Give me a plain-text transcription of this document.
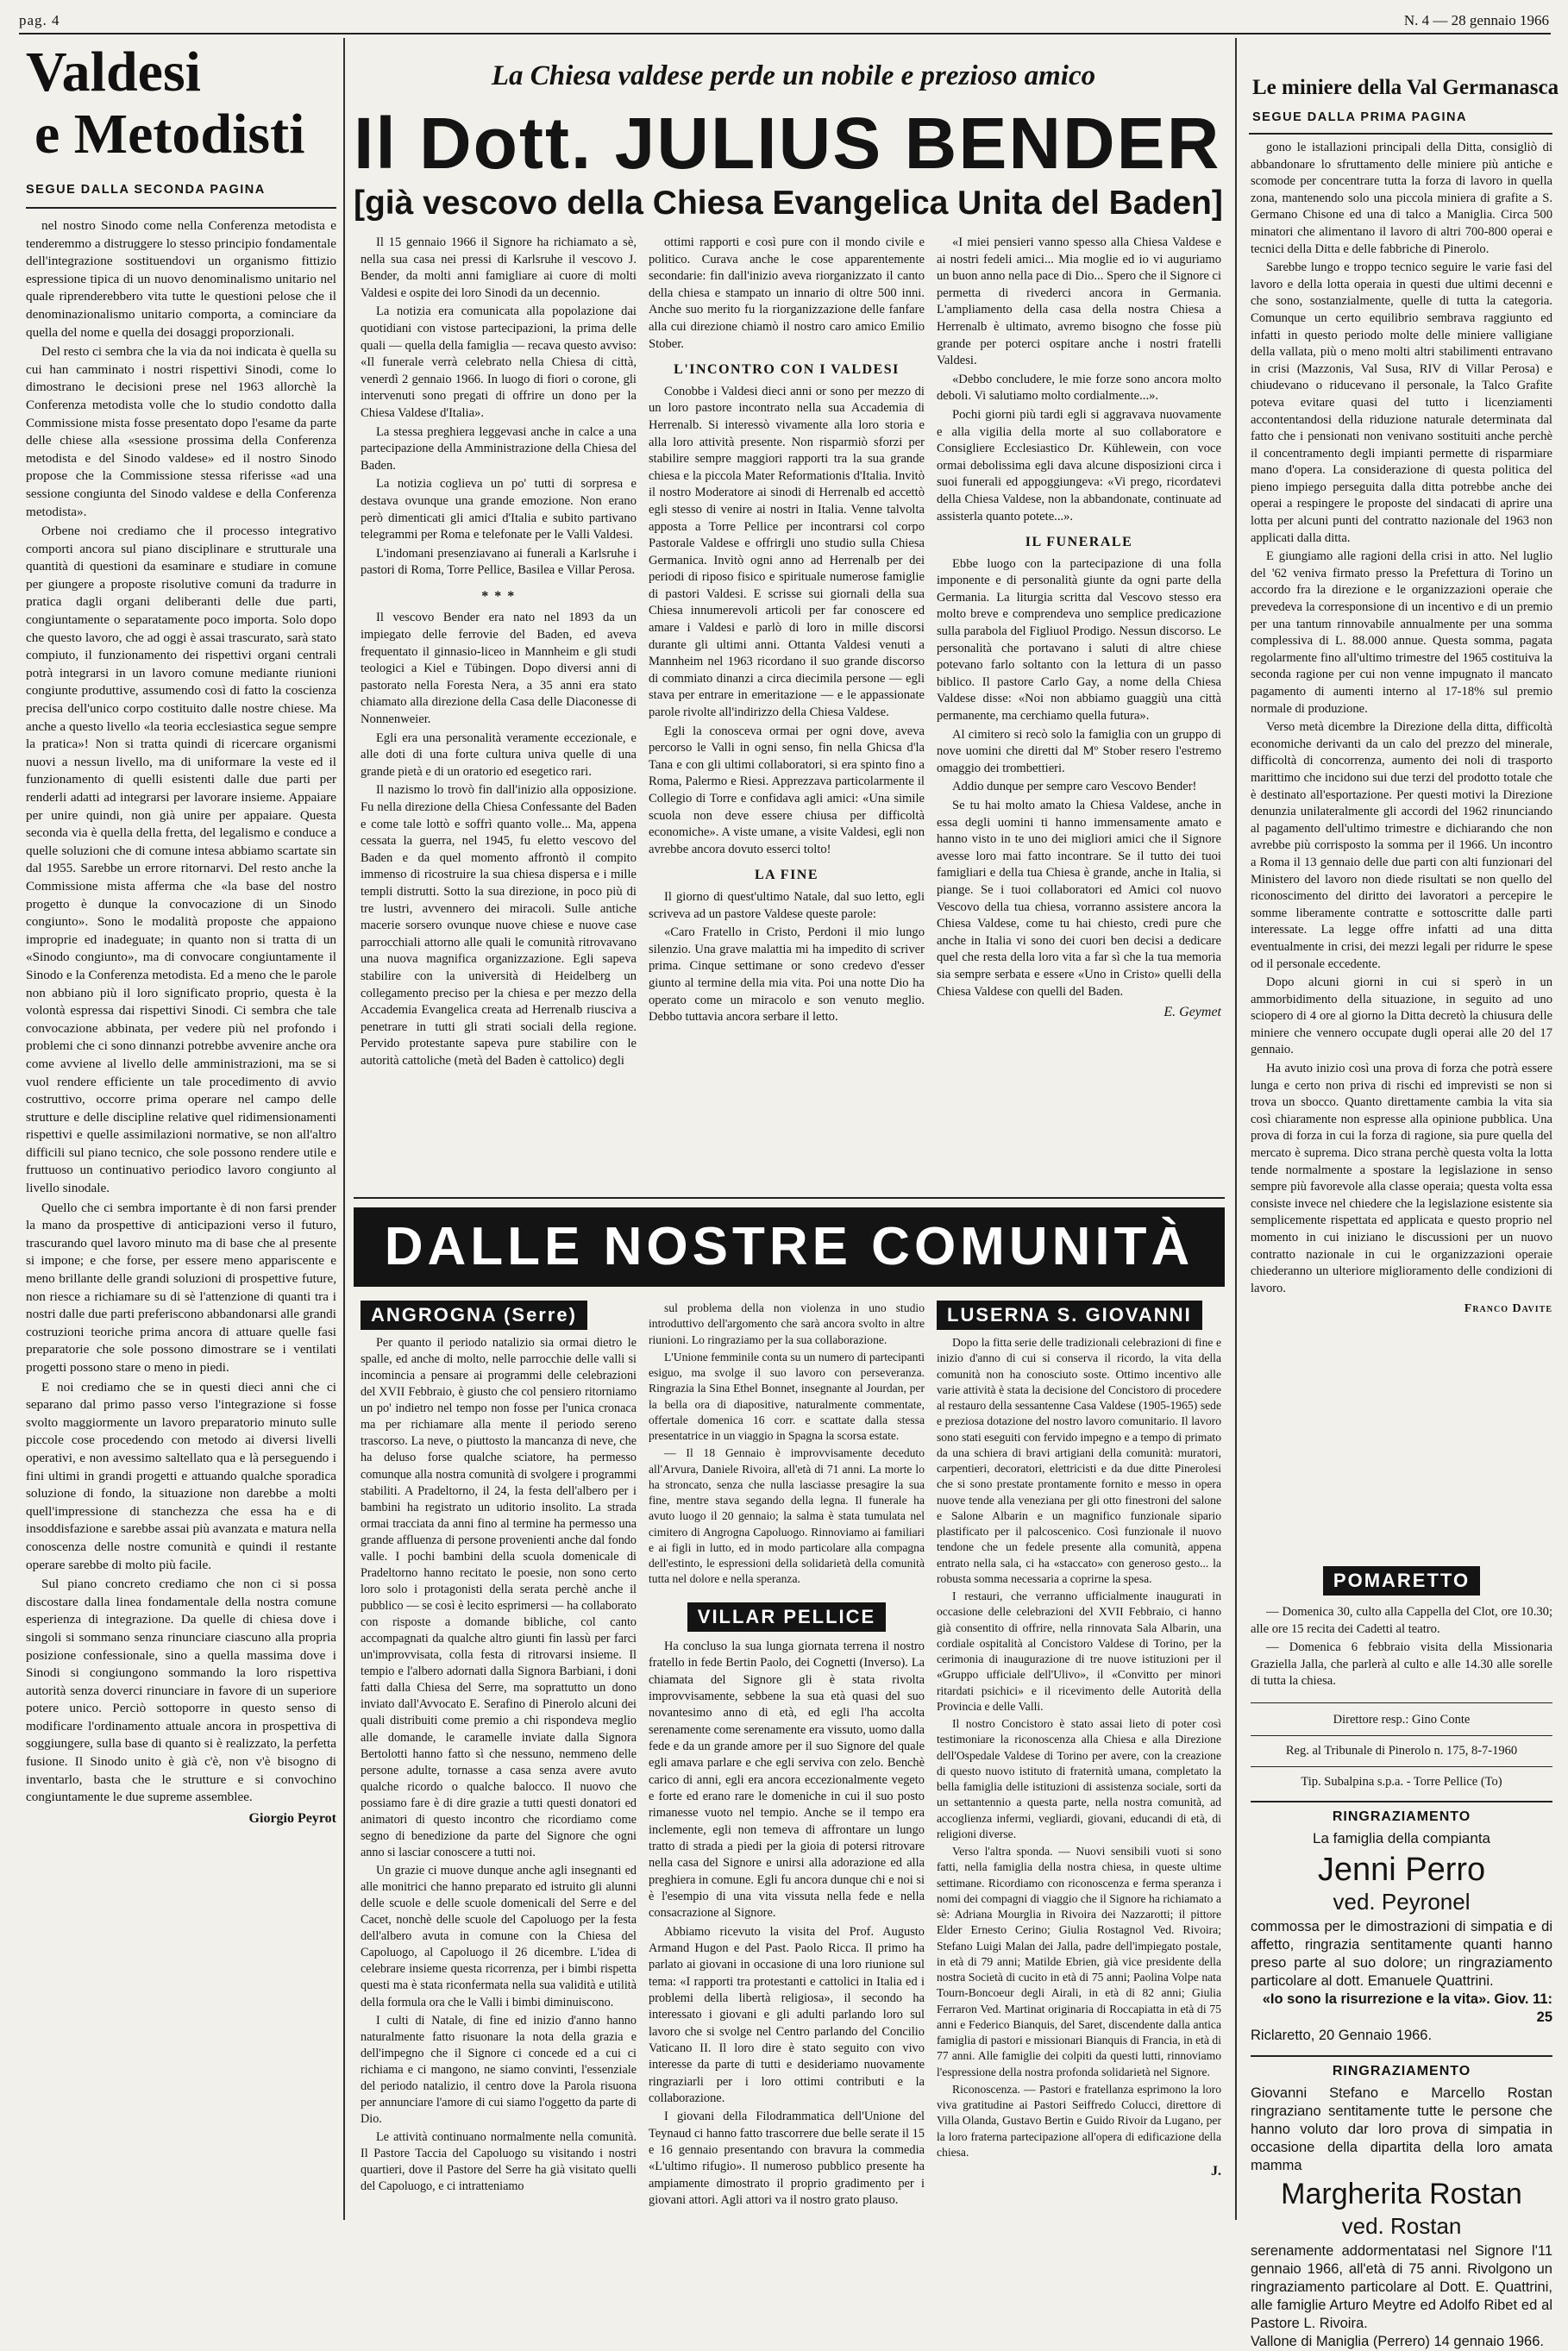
pag. 4	N. 4 — 28 gennaio 1966
Valdesi
e Metodisti
SEGUE DALLA SECONDA PAGINA

nel nostro Sinodo come nella Conferenza metodista e tenderemmo a distruggere lo stesso principio fondamentale dell'integrazione sostituendovi un organismo fittizio espressione tipica di un nuovo denominalismo unitario nel quale riprenderebbero vita tutte le questioni pelose che il denominazionalismo unitario comporta, a cominciare da quella del nome e quella dei dosaggi proporzionali.

Del resto ci sembra che la via da noi indicata è quella su cui han camminato i nostri rispettivi Sinodi, come lo dimostrano le decisioni prese nel 1963 allorchè la Conferenza metodista volle che lo studio condotto dalla Commissione mista fosse presentato dopo l'esame da parte delle chiese alla «sessione prossima della Conferenza metodista e del Sinodo valdese» ed il nostro Sinodo propose che la Commissione stessa riferisse «ad una sessione congiunta del Sinodo valdese e della Conferenza metodista».

Orbene noi crediamo che il processo integrativo comporti ancora sul piano disciplinare e strutturale una quantità di questioni da esaminare e studiare in comune per giungere a proposte risolutive comuni da tradurre in pratica dagli organi deliberanti delle due parti, congiuntamente o separatamente poco importa. Solo dopo che questo lavoro, che ad oggi è assai trascurato, sarà stato compiuto, il funzionamento dei rispettivi organi centrali potrà integrarsi in un lavoro comune mediante riunioni congiunte produttive, assumendo così di fatto la coscienza precisa dell'unico corpo costituito dalle nostre chiese. Ma anche a questo livello «la teoria ecclesiastica segue sempre la pratica»! Non si tratta quindi di ricercare organismi nuovi a nessun livello, ma di uniformare la veste ed il funzionamento di quelli esistenti dalle due parti per renderli adatti ad integrarsi per lavorare insieme. Appaiare per unire quindi, non già unire per appaiare. Questa seconda via è quella della fretta, del legalismo e conduce a quelle soluzioni che di comune intesa abbiamo scartate sin dal 1955. Sarebbe un errore ritornarvi. Del resto anche la Commissione mista afferma che «la base del nostro progetto è dunque la convocazione di un Sinodo congiunto». Sono le modalità proposte che appaiono improprie ed inadeguate; in quanto non si tratta di un «Sinodo congiunto», ma di convocare congiuntamente il Sinodo e la Conferenza metodista. Ed a meno che le parole non abbiano più il loro significato proprio, questa è la volontà espressa dai rispettivi Sinodi. Ci sembra che tale convocazione abbinata, per vedere più nel profondo i problemi che ci sono dinnanzi potrebbe avvenire anche ora come avviene al livello delle amministrazioni, ma se si vuol rendere efficiente un tale procedimento di avvio costruttivo, occorre prima operare nel campo delle strutture e delle discipline relative quel ridimensionamenti rispettivi e quelle assimilazioni normative, se non all'altro difficili sul piano tecnico, che sole possono rendere utile e fruttuoso un continuativo periodico lavoro congiunto al livello sinodale.

Quello che ci sembra importante è di non farsi prender la mano da prospettive di anticipazioni verso il futuro, trascurando quel lavoro minuto ma di base che al presente si impone; e che forse, per essere meno appariscente e meno brillante delle grandi soluzioni di prospettive future, non riesce a richiamare su di sè l'attenzione di quanti tra i nostri dalle due parti preferiscono abbandonarsi alle grandi costruzioni teoriche prima ancora di attuare quelle fasi preparatorie che sole possono dimostrare se i ventilati progetti possono stare o meno in piedi.

E noi crediamo che se in questi dieci anni che ci separano dal primo passo verso l'integrazione si fosse svolto maggiormente un lavoro preparatorio minuto sulle piccole cose procedendo con metodo ai diversi livelli operativi, e non avessimo saltellato qua e là perseguendo i fini ultimi in grandi progetti e attuando qualche sporadica soluzione di fondo, la situazione non darebbe a molti quell'impressione di stanchezza che essa ha e di insoddisfazione e sarebbe assai più avanzata e matura nella conoscenza delle nostre comunità e quindi il restante operare sarebbe di molto più facile.

Sul piano concreto crediamo che non ci si possa discostare dalla linea fondamentale della nostra comune esperienza di integrazione. Da quelle di chiesa dove i singoli si sommano senza rinunciare ciascuno alla propria posizione confessionale, sino a quella massima dove i Sinodi si congiungono sommando la loro rispettiva autorità senza doverci rinunciare in favore di un superiore potere unico. Perciò sottoporre in questo senso di modificare l'ordinamento attuale ancora in prospettiva di soggiungere, sulla base di quanto si è realizzato, la perfetta fusione. Il Sinodo unito è già c'è, non v'è bisogno di inventarlo, basta che le strutture e si convochino congiuntamente le due supreme assemblee.

Giorgio Peyrot
La Chiesa valdese perde un nobile e prezioso amico
Il Dott. JULIUS BENDER
[già vescovo della Chiesa Evangelica Unita del Baden]

Il 15 gennaio 1966 il Signore ha richiamato a sè, nella sua casa nei pressi di Karlsruhe il vescovo J. Bender, da molti anni famigliare ai cuore di molti Valdesi e ospite dei loro Sinodi da un decennio.

La notizia era comunicata alla popolazione dai quotidiani con vistose partecipazioni, la prima delle quali — quella della famiglia — recava questo avviso: «Il funerale verrà celebrato nella Chiesa di città, venerdì 2 gennaio 1966. In luogo di fiori o corone, gli intervenuti sono pregati di offrire un dono per la Chiesa Valdese d'Italia».

La stessa preghiera leggevasi anche in calce a una partecipazione della Amministrazione della Chiesa del Baden.

La notizia coglieva un po' tutti di sorpresa e destava ovunque una grande emozione. Non erano però dimenticati gli amici d'Italia e subito partivano telegrammi per Roma e telefonate per le Valli Valdesi.

L'indomani presenziavano ai funerali a Karlsruhe i pastori di Roma, Torre Pellice, Basilea e Villar Perosa.

* * *

Il vescovo Bender era nato nel 1893 da un impiegato delle ferrovie del Baden, ed aveva frequentato il ginnasio-liceo in Mannheim e gli studi teologici a Kiel e Tübingen. Dopo diversi anni di pastorato nella Foresta Nera, a 35 anni era stato chiamato alla direzione della Casa delle Diaconesse di Nonnenweier.

Egli era una personalità veramente eccezionale, e alle doti di una forte cultura univa quelle di una grande pietà e di un oratorio ed esegetico rari.

Il nazismo lo trovò fin dall'inizio alla opposizione. Fu nella direzione della Chiesa Confessante del Baden e come tale lottò e soffrì quanto volle... Ma, appena cessata la guerra, nel 1945, fu eletto vescovo del Baden e da quel momento affrontò il compito immenso di ricostruire la sua chiesa dispersa e i mille templi distrutti. Sotto la sua direzione, in poco più di tre lustri, avvennero dei miracoli. Sulle antiche macerie sorsero ovunque nuove chiese e nuove case parrocchiali attorno alle quali le comunità ritrovavano una nuova magnifica organizzazione. Egli sapeva stabilire con la università di Heidelberg un collegamento preciso per la chiesa e per mezzo della Accademia Evangelica creata ad Herrenalb riusciva a penetrare in tutti gli strati sociali della regione. Pervido protestante sapeva pure stabilire con le autorità cattoliche (metà del Baden è cattolico) degli

ottimi rapporti e così pure con il mondo civile e politico. Curava anche le cose apparentemente secondarie: fin dall'inizio aveva riorganizzato il canto della chiesa e stampato un innario di oltre 500 inni. Anche suo merito fu la riorganizzazione delle fanfare alla cui direzione chiamò il nostro caro amico Emilio Stober.

L'INCONTRO CON I VALDESI

Conobbe i Valdesi dieci anni or sono per mezzo di un loro pastore incontrato nella sua Accademia di Herrenalb. Si interessò vivamente alla loro storia e alla loro attività presente. Non risparmiò sforzi per stabilire sempre maggiori rapporti tra la sua grande chiesa e la piccola Mater Reformationis d'Italia. Invitò il nostro Moderatore ai sinodi di Herrenalb ed accettò egli stesso di venire ai nostri in Italia. Venne talvolta apposta a Torre Pellice per incontrarsi col corpo Pastorale Valdese e offrirgli uno studio sulla Chiesa Germanica. Invitò ogni anno ad Herrenalb per dei periodi di riposo fisico e spirituale numerose famiglie di pastori Valdesi. E scrisse sui giornali della sua Chiesa innumerevoli articoli per far conoscere ed amare i Valdesi e parlò di loro in mille discorsi durante gli ultimi anni. Ottanta Valdesi venuti a Mannheim nel 1963 ricordano il suo grande discorso di commiato dinanzi a circa diecimila persone — egli stava per entrare in emeritazione — e le appassionate parole rivolte all'indirizzo della Chiesa Valdese.

Egli la conosceva ormai per ogni dove, aveva percorso le Valli in ogni senso, fin nella Ghicsa d'la Tana e con gli ultimi collaboratori, si era spinto fino a Roma, Palermo e Riesi. Apprezzava particolarmente il Collegio di Torre e confidava agli amici: «Una simile scuola non deve essere chiusa per difficoltà economiche». A viste umane, a visite Valdesi, egli non avrebbe ancora dovuto esserci tolto!

LA FINE

Il giorno di quest'ultimo Natale, dal suo letto, egli scriveva ad un pastore Valdese queste parole:

«Caro Fratello in Cristo, Perdoni il mio lungo silenzio. Una grave malattia mi ha impedito di scriver prima. Cinque settimane or sono credevo d'esser giunto al termine della mia vita. Poi una notte Dio ha operato come un miracolo e son venuto meglio. Debbo tuttavia ancora serbare il letto.

«I miei pensieri vanno spesso alla Chiesa Valdese e ai nostri fedeli amici... Mia moglie ed io vi auguriamo un buon anno nella pace di Dio... Spero che il Signore ci permetta di rivederci ancora in Germania. L'ampliamento della casa della nostra Chiesa a Herrenalb è ultimato, avremo bisogno che fosse più grande per poterci ospitare anche i nostri fratelli Valdesi.

«Debbo concludere, le mie forze sono ancora molto deboli. Vi salutiamo molto cordialmente...».

Pochi giorni più tardi egli si aggravava nuovamente e alla vigilia della morte al suo collaboratore e Consigliere Ecclesiastico Dr. Kühlewein, con voce ormai debolissima egli dava alcune disposizioni circa i suoi funerali ed appoggiungeva: «Vi prego, ricordatevi della Chiesa Valdese, non la abbandonate, continuate ad assisterla quanto potete...».

IL FUNERALE

Ebbe luogo con la partecipazione di una folla imponente e di personalità giunte da ogni parte della Germania. La liturgia scritta dal Vescovo stesso era molto breve e comprendeva uno semplice predicazione sulla parabola del Figliuol Prodigo. Nessun discorso. Le personalità che portavano i saluti di altre chiese potevano farlo soltanto con la lettura di un passo biblico. Il pastore Carlo Gay, a nome della Chiesa Valdese disse: «Noi non abbiamo guaggiù una città permanente, ma cerchiamo quella futura».

Al cimitero si recò solo la famiglia con un gruppo di nove uomini che diretti dal Mº Stober resero l'estremo omaggio dei trombettieri.

Addio dunque per sempre caro Vescovo Bender!

Se tu hai molto amato la Chiesa Valdese, anche in essa degli uomini ti hanno immensamente amato e hanno visto in te uno dei migliori amici che il Signore avesse loro mai fatto incontrare. Se il tutto dei tuoi famigliari e della tua Chiesa è grande, anche in Italia, si piange. Se i tuoi collaboratori ed Amici col nuovo Vescovo della tua chiesa, vorranno assistere ancora la Chiesa Valdese, come tu hai chiesto, credi pure che anche in Italia vi sono dei cuori ben decisi a dedicare quel che resta della loro vita a far sì che la tua memoria sia sempre serbata e essere «Uno in Cristo» quelli della Chiesa Valdese con quelli del Baden.

E. Geymet
Le miniere della Val Germanasca
SEGUE DALLA PRIMA PAGINA

gono le istallazioni principali della Ditta, consigliò di abbandonare lo sfruttamento delle miniere più antiche e scomode per concentrare tutta la forza di lavoro in quella zona, mantenendo solo una piccola miniera di grafite a S. Germano Chisone ed una di talco a Maniglia. Circa 500 minatori che alimentano il lavoro di altri 700-800 operai e tecnici della Ditta e delle fabbriche di Pinerolo.

Sarebbe lungo e troppo tecnico seguire le varie fasi del lavoro e della lotta operaia in questi due ultimi decenni e che sono, sostanzialmente, quelle di tutta la categoria. Comunque un certo equilibrio sembrava raggiunto ed infatti in questo periodo molte delle miniere valligiane della vallata, più o meno molti altri stabilimenti entravano in crisi (Mazzonis, Val Susa, RIV di Villar Perosa) e chiudevano o riducevano il personale, la Talco Grafite poteva evitare quasi del tutto i licenziamenti accontentandosi della riduzione naturale determinata dal fatto che i pensionati non venivano sostituiti anche perchè il concentramento degli impianti permette di risparmiare mano d'opera. La considerazione di questa politica del pieno impiego perseguita dalla ditta potrebbe anche dei operai a respingere le proposte del sindacati di aprire una lotta per alcuni punti del contratto nazionale del 1963 non applicati dalla ditta.

E giungiamo alle ragioni della crisi in atto. Nel luglio del '62 veniva firmato presso la Prefettura di Torino un accordo fra la direzione e le organizzazioni operaie che prevedeva la corresponsione di un incentivo e di un premio per una tantum rinnovabile annualmente per una somma complessiva di L. 88.000 annue. Questa somma, pagata regolarmente fino all'ultimo trimestre del 1965 costituiva la seconda ragione per cui non venne impugnato il mancato pagamento di aumenti interno al 17-18% sul premio normale di produzione.

Verso metà dicembre la Direzione della ditta, difficoltà economiche derivanti da un calo del prezzo del minerale, difficoltà di concorrenza, aumento dei noli di trasporto marittimo che incidono sui due terzi del prodotto totale che è destinato all'esportazione. Per questi motivi la Direzione denunzia unilateralmente gli accordi del 1962 rinunciando al pagamento dell'ultimo trimestre e dichiarando che non avrebbe più corrisposto la somma per il 1966. Un incontro a Roma il 13 gennaio delle due parti con alti funzionari del Ministero del lavoro non diede risultati se non quello del riconoscimento del diritto dei lavoratori a percepire le somme liberamente contratte e sottoscritte dalle parti interessate. La legge offre infatti ad una ditta eventualmente in crisi, dei mezzi legali per ridurre le spese od il personale eccedente.

Dopo alcuni giorni in cui si sperò in un ammorbidimento della situazione, in seguito ad uno sciopero di 4 ore al giorno la Ditta decretò la chiusura delle miniere che vennero occupate dugli operai alle 20 del 17 gennaio.

Ha avuto inizio così una prova di forza che potrà essere lunga e certo non priva di rischi ed imprevisti se non si trova un sbocco. Quanto direttamente cambia la vita sia così chiaramente non espresse alla opinione pubblica. Una prova di forza in cui la forza di ragione, sia pure quella del mercato è suprema. Dico strana perchè questa volta la lotta tende normalmente a spostare la legislazione in senso sempre più favorevole alla classe operaia; questa volta essa consiste invece nel chiedere che la legislazione esistente sia semplicemente rispettata ed applicata e questo proprio nel momento in cui iniziano le discussioni per un nuovo contratto nazionale in cui le organizzazioni operaie chiederanno un ulteriore miglioramento delle condizioni di lavoro.

Franco Davite
POMARETTO

— Domenica 30, culto alla Cappella del Clot, ore 10.30; alle ore 15 recita dei Cadetti al teatro.

— Domenica 6 febbraio visita della Missionaria Graziella Jalla, che parlerà al culto e alle 14.30 alle sorelle di tutta la chiesa.

Direttore resp.: Gino Conte
Reg. al Tribunale di Pinerolo n. 175, 8-7-1960
Tip. Subalpina s.p.a. - Torre Pellice (To)
RINGRAZIAMENTO
La famiglia della compianta
Jenni Perro
ved. Peyronel
commossa per le dimostrazioni di simpatia e di affetto, ringrazia sentitamente quanti hanno preso parte al suo dolore; un ringraziamento particolare al dott. Emanuele Quattrini.
«Io sono la risurrezione e la vita». Giov. 11: 25
Riclaretto, 20 Gennaio 1966.
RINGRAZIAMENTO
Giovanni Stefano e Marcello Rostan ringraziano sentitamente tutte le persone che hanno voluto dar loro prova di simpatia in occasione della dipartita della loro amata mamma
Margherita Rostan
ved. Rostan
serenamente addormentatasi nel Signore l'11 gennaio 1966, all'età di 75 anni. Rivolgono un ringraziamento particolare al Dott. E. Quattrini, alle famiglie Arturo Meytre ed Adolfo Ribet ed al Pastore L. Rivoira.
Vallone di Maniglia (Perrero) 14 gennaio 1966.
DALLE NOSTRE COMUNITÀ
ANGROGNA (Serre)

Per quanto il periodo natalizio sia ormai dietro le spalle, ed anche di molto, nelle parrocchie delle valli si incomincia a pensare ai programmi delle celebrazioni del XVII Febbraio, è giusto che col pensiero ritorniamo un po' indietro nel tempo non fosse per l'unica cronaca ma per richiamare alla mente il periodo sereno trascorso. La neve, o piuttosto la mancanza di neve, che ha deluso forse qualche sciatore, ha permesso comunque alla nostra comunità di svolgere i programmi stabiliti. A Pradeltorno, il 24, la festa dell'albero per i bambini ha registrato un uditorio insolito. La strada ormai tracciata da anni fino al termine ha permesso una grande affluenza di persone provenienti anche dal fondo valle. I pochi bambini della scuola domenicale di Pradeltorno hanno recitato le poesie, non sono certo loro solo i protagonisti della serata perchè anche il pubblico — se così è lecito esprimersi — ha collaborato con risposte a domande bibliche, col canto accompagnati da qualche altro giunti fin lassù per farci un'improvvisata, colla festa di ritrovarsi insieme. Il tempio e l'albero adornati dalla Signora Barbiani, i doni fatti dalla Chiesa del Serre, ma soprattutto un dono inviato dall'Avvocato E. Serafino di Pinerolo alcuni dei quali distribuiti come premio a chi rispondeva meglio alle domande, le caramelle inviate dalla Signora Bertolotti hanno fatto sì che nessuno, nemmeno delle persone adulte, tornasse a casa senza avere avuto qualche ricordo o qualche balocco. Il nuovo che possiamo fare è di dire grazie a tutti questi donatori ed animatori di questo incontro che ricordiamo come segno di benedizione da parte del Signore che ogni anno si lasciar conoscere a tutti noi.

Un grazie ci muove dunque anche agli insegnanti ed alle monitrici che hanno preparato ed istruito gli alunni delle scuole e delle scuole domenicali del Serre e del Cacet, nonchè delle scuole del Capoluogo per la festa dell'albero avuta in comune con la Chiesa del Capoluogo, al Capoluogo il 26 dicembre. L'idea di celebrare insieme questa ricorrenza, per i bimbi rispetta questi ma è stata riconfermata nella sua validità e utilità della formula ora che le Valli i bimbi diminuiscono.

I culti di Natale, di fine ed inizio d'anno hanno naturalmente fatto risuonare la nota della grazia e dell'impegno che il Signore ci concede ed a cui ci richiama e ci mangono, ne siamo convinti, l'essenziale del periodo natalizio, il centro dove la Parola risuona per annunciare l'amore di cui siamo l'oggetto da parte di Dio.

Le attività continuano normalmente nella comunità. Il Pastore Taccia del Capoluogo su visitando i nostri quartieri, dove il Pastore del Serre ha già visitato quelli del Capoluogo, e ci intratteniamo

sul problema della non violenza in uno studio introduttivo dell'argomento che sarà ancora svolto in altre riunioni. Lo ringraziamo per la sua collaborazione.

L'Unione femminile conta su un numero di partecipanti esiguo, ma svolge il suo lavoro con perseveranza. Ringrazia la Sina Ethel Bonnet, insegnante al Jourdan, per la bella ora di diapositive, naturalmente commentate, offertale domenica 16 corr. e scattate dalla stessa presentatrice in un viaggio in Spagna la scorsa estate.

— Il 18 Gennaio è improvvisamente deceduto all'Arvura, Daniele Rivoira, all'età di 71 anni. La morte lo ha stroncato, senza che nulla lasciasse presagire la sua fine, mentre stava segando della legna. Il funerale ha avuto luogo il 20 gennaio; la salma è stata tumulata nel cimitero di Angrogna Capoluogo. Rinnoviamo ai familiari e ai figli in lutto, ed in modo particolare alla compagna dell'estinto, le espressioni della solidarietà della comunità tutta nel dolore e nella speranza.

VILLAR PELLICE

Ha concluso la sua lunga giornata terrena il nostro fratello in fede Bertin Paolo, dei Cognetti (Inverso). La chiamata del Signore gli è stata rivolta improvvisamente, sebbene la sua età quasi del suo novantesimo anno di età, ed egli l'ha accolta serenamente come serenamente era vissuto, uomo dalla fede e da un grande amore per il suo Signore del quale egli amava parlare e che egli serviva con zelo. Benchè carico di anni, egli era ancora eccezionalmente vegeto e forte ed erano rare le domeniche in cui il suo posto rimanesse vuoto nel tempio. Anche se il tempo era inclemente, egli non temeva di affrontare un lungo tratto di strada a piedi per la gioia di potersi ritrovare nella casa del Signore e unirsi alla adorazione ed alla preghiera in comune. Egli fu ancora dunque chi e noi si è l'esempio di una vita vissuta nella fede e nella consacrazione al Signore.

Abbiamo ricevuto la visita del Prof. Augusto Armand Hugon e del Past. Paolo Ricca. Il primo ha parlato ai giovani in occasione di una loro riunione sul tema: «I rapporti tra protestanti e cattolici in Italia ed i problemi della libertà religiosa», il secondo ha interessato i giovani e gli adulti parlando loro sul lavoro che si svolge nel Centro parlando del Concilio Vaticano II. Il loro dire è stato seguito con vivo interesse da parte di tutti e desideriamo nuovamente ringraziarli per i loro ottimi contributi e la collaborazione.

I giovani della Filodrammatica dell'Unione del Teynaud ci hanno fatto trascorrere due belle serate il 15 e 16 gennaio presentando con bravura la commedia «L'ultimo rifugio». Il numeroso pubblico presente ha ampiamente dimostrato il proprio gradimento per i giovani attori. Agli attori va il nostro grato plauso.

LUSERNA S. GIOVANNI

Dopo la fitta serie delle tradizionali celebrazioni di fine e inizio d'anno di cui si conserva il ricordo, la vita della comunità non ha conosciuto soste. Ottimo incentivo alle varie attività è stata la decisione del Concistoro di procedere al restauro della sessantenne Casa Valdese (1905-1965) sede e preziosa dotazione del nostro lavoro comunitario. Il lavoro sono stati eseguiti con fervido impegno e a tempo di primato da una schiera di bravi artigiani della comunità: muratori, carpentieri, decoratori, elettricisti e da due ditte Pinerolesi che si sono prestate prontamente fornito e messo in opera nuove tende alla veneziana per gli otto finestroni del salone e Salone Albarin e un magnifico funzionale sipario plastificato per il palcoscenico. Così funzionale il nuovo tendone che un fedele presente alla comunità, appena entrato nella sala, ci ha «staccato» con generoso gesto... la robusta somma necessaria a coprirne la spesa.

I restauri, che verranno ufficialmente inaugurati in occasione delle celebrazioni del XVII Febbraio, ci hanno già consentito di offrire, nella rinnovata Sala Albarin, una cordiale ospitalità al Concistoro Valdese di Torino, per la cerimonia di inaugurazione di tre nuove istituzioni per il «Gruppo ufficiale dell'Ulivo», il «Convitto per minori ritardati psichici» e il ricevimento delle Autorità della Provincia e delle Valli.

Il nostro Concistoro è stato assai lieto di poter così testimoniare la riconoscenza alla Chiesa e alla Direzione dell'Ospedale Valdese di Torino per avere, con la creazione di questo nuovo istituto di fraternità umana, completato la bella famiglia delle istituzioni di assistenza sociale, sorti da un settantennio a questa parte, nella nostra comunità, ad accoglienza infermi, vegliardi, giovani, educandi di età, di religioni diverse.

Verso l'altra sponda. — Nuovi sensibili vuoti si sono fatti, nella famiglia della nostra chiesa, in queste ultime settimane. Ricordiamo con riconoscenza e ferma speranza i nomi dei compagni di viaggio che il Signore ha richiamato a sè: Adriana Mourglia in Rivoira dei Nazzarotti; il pittore Elder Ernesto Cerino; Giulia Rostagnol Ved. Rivoira; Stefano Luigi Malan dei Jalla, padre dell'impiegato postale, in età di 79 anni; Matilde Ebrien, già vice presidente della nostra Società di cucito in età di 75 anni; Paolina Volpe nata Tourn-Boncoeur degli Airali, in età di 82 anni; Giulia Ferraron Ved. Martinat originaria di Roccapiatta in età di 75 anni e Federico Bianquis, del Saret, discendente dalla antica famiglia di pastori e missionari Bianquis di Francia, in età di 77 anni. Alle famiglie dei colpiti da questi lutti, rinnoviamo l'espressione della nostra profonda solidarietà nel Signore.

Riconoscenza. — Pastori e fratellanza esprimono la loro viva gratitudine ai Pastori Seiffredo Colucci, direttore di Villa Olanda, Gustavo Bertin e Guido Rivoir da Lugano, per la loro fraterna partecipazione all'opera di edificazione della chiesa.

J.
